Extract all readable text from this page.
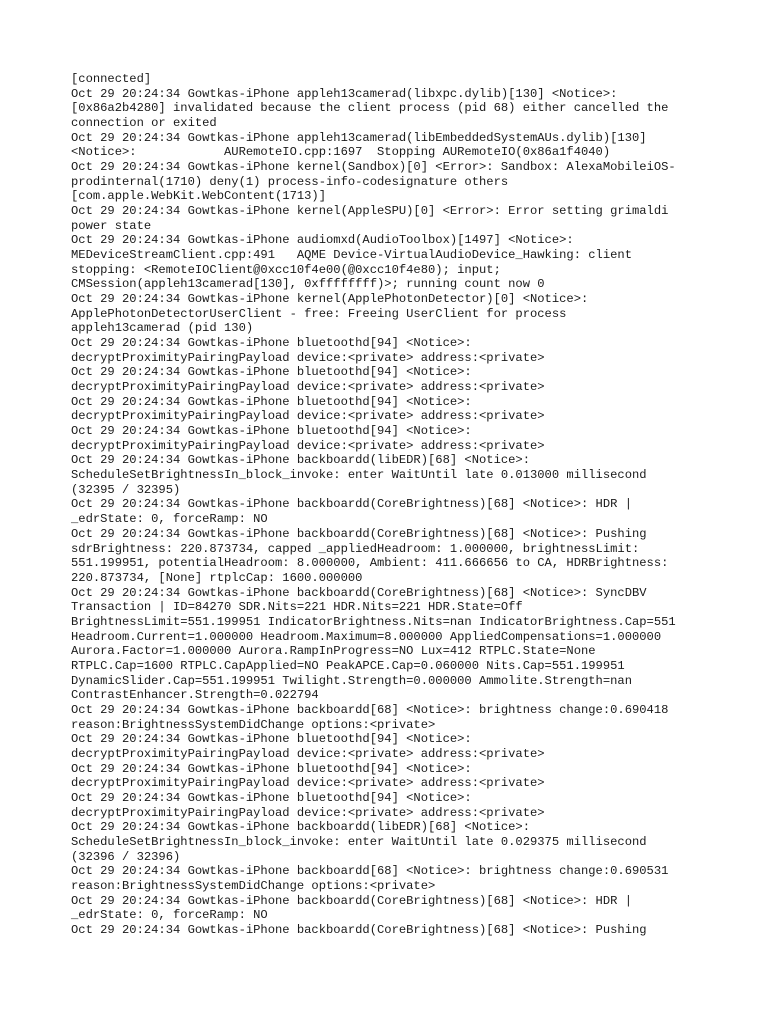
[connected]
Oct 29 20:24:34 Gowtkas-iPhone appleh13camerad(libxpc.dylib)[130] <Notice>:
[0x86a2b4280] invalidated because the client process (pid 68) either cancelled the
connection or exited
Oct 29 20:24:34 Gowtkas-iPhone appleh13camerad(libEmbeddedSystemAUs.dylib)[130]
<Notice>:            AURemoteIO.cpp:1697  Stopping AURemoteIO(0x86a1f4040)
Oct 29 20:24:34 Gowtkas-iPhone kernel(Sandbox)[0] <Error>: Sandbox: AlexaMobileiOS-
prodinternal(1710) deny(1) process-info-codesignature others
[com.apple.WebKit.WebContent(1713)]
Oct 29 20:24:34 Gowtkas-iPhone kernel(AppleSPU)[0] <Error>: Error setting grimaldi
power state
Oct 29 20:24:34 Gowtkas-iPhone audiomxd(AudioToolbox)[1497] <Notice>:
MEDeviceStreamClient.cpp:491   AQME Device-VirtualAudioDevice_Hawking: client
stopping: <RemoteIOClient@0xcc10f4e00(@0xcc10f4e80); input;
CMSession(appleh13camerad[130], 0xffffffff)>; running count now 0
Oct 29 20:24:34 Gowtkas-iPhone kernel(ApplePhotonDetector)[0] <Notice>:
ApplePhotonDetectorUserClient - free: Freeing UserClient for process
appleh13camerad (pid 130)
Oct 29 20:24:34 Gowtkas-iPhone bluetoothd[94] <Notice>:
decryptProximityPairingPayload device:<private> address:<private>
Oct 29 20:24:34 Gowtkas-iPhone bluetoothd[94] <Notice>:
decryptProximityPairingPayload device:<private> address:<private>
Oct 29 20:24:34 Gowtkas-iPhone bluetoothd[94] <Notice>:
decryptProximityPairingPayload device:<private> address:<private>
Oct 29 20:24:34 Gowtkas-iPhone bluetoothd[94] <Notice>:
decryptProximityPairingPayload device:<private> address:<private>
Oct 29 20:24:34 Gowtkas-iPhone backboardd(libEDR)[68] <Notice>:
ScheduleSetBrightnessIn_block_invoke: enter WaitUntil late 0.013000 millisecond
(32395 / 32395)
Oct 29 20:24:34 Gowtkas-iPhone backboardd(CoreBrightness)[68] <Notice>: HDR |
_edrState: 0, forceRamp: NO
Oct 29 20:24:34 Gowtkas-iPhone backboardd(CoreBrightness)[68] <Notice>: Pushing
sdrBrightness: 220.873734, capped _appliedHeadroom: 1.000000, brightnessLimit:
551.199951, potentialHeadroom: 8.000000, Ambient: 411.666656 to CA, HDRBrightness:
220.873734, [None] rtplcCap: 1600.000000
Oct 29 20:24:34 Gowtkas-iPhone backboardd(CoreBrightness)[68] <Notice>: SyncDBV
Transaction | ID=84270 SDR.Nits=221 HDR.Nits=221 HDR.State=Off
BrightnessLimit=551.199951 IndicatorBrightness.Nits=nan IndicatorBrightness.Cap=551
Headroom.Current=1.000000 Headroom.Maximum=8.000000 AppliedCompensations=1.000000
Aurora.Factor=1.000000 Aurora.RampInProgress=NO Lux=412 RTPLC.State=None
RTPLC.Cap=1600 RTPLC.CapApplied=NO PeakAPCE.Cap=0.060000 Nits.Cap=551.199951
DynamicSlider.Cap=551.199951 Twilight.Strength=0.000000 Ammolite.Strength=nan
ContrastEnhancer.Strength=0.022794
Oct 29 20:24:34 Gowtkas-iPhone backboardd[68] <Notice>: brightness change:0.690418
reason:BrightnessSystemDidChange options:<private>
Oct 29 20:24:34 Gowtkas-iPhone bluetoothd[94] <Notice>:
decryptProximityPairingPayload device:<private> address:<private>
Oct 29 20:24:34 Gowtkas-iPhone bluetoothd[94] <Notice>:
decryptProximityPairingPayload device:<private> address:<private>
Oct 29 20:24:34 Gowtkas-iPhone bluetoothd[94] <Notice>:
decryptProximityPairingPayload device:<private> address:<private>
Oct 29 20:24:34 Gowtkas-iPhone backboardd(libEDR)[68] <Notice>:
ScheduleSetBrightnessIn_block_invoke: enter WaitUntil late 0.029375 millisecond
(32396 / 32396)
Oct 29 20:24:34 Gowtkas-iPhone backboardd[68] <Notice>: brightness change:0.690531
reason:BrightnessSystemDidChange options:<private>
Oct 29 20:24:34 Gowtkas-iPhone backboardd(CoreBrightness)[68] <Notice>: HDR |
_edrState: 0, forceRamp: NO
Oct 29 20:24:34 Gowtkas-iPhone backboardd(CoreBrightness)[68] <Notice>: Pushing
